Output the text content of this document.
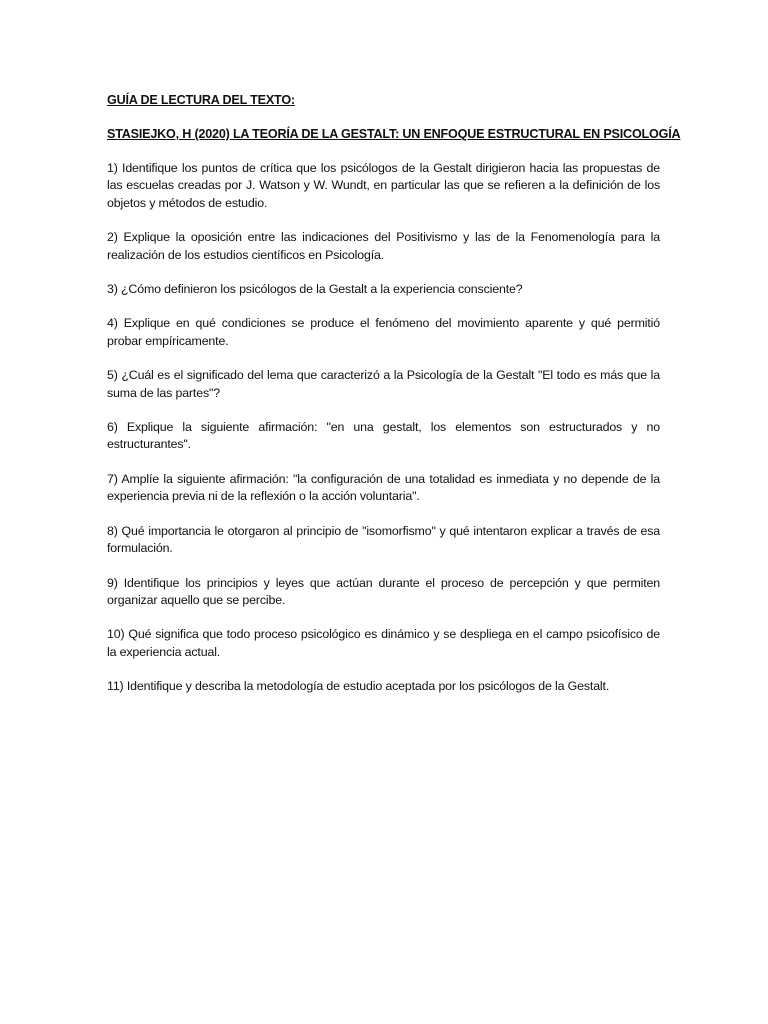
GUÍA DE LECTURA DEL TEXTO:

STASIEJKO, H (2020) LA TEORÍA DE LA GESTALT: UN ENFOQUE ESTRUCTURAL EN PSICOLOGÍA

1) Identifique los puntos de crítica que los psicólogos de la Gestalt dirigieron hacia las propuestas de las escuelas creadas por J. Watson y W. Wundt, en particular las que se refieren a la definición de los objetos y métodos de estudio.

2) Explique la oposición entre las indicaciones del Positivismo y las de la Fenomenología para la realización de los estudios científicos en Psicología.

3) ¿Cómo definieron los psicólogos de la Gestalt a la experiencia consciente?

4) Explique en qué condiciones se produce el fenómeno del movimiento aparente y qué permitió probar empíricamente.

5) ¿Cuál es el significado del lema que caracterizó a la Psicología de la Gestalt "El todo es más que la suma de las partes"?

6) Explique la siguiente afirmación: "en una gestalt, los elementos son estructurados y no estructurantes".

7) Amplíe la siguiente afirmación: "la configuración de una totalidad es inmediata y no depende de la experiencia previa ni de la reflexión o la acción voluntaria".

8) Qué importancia le otorgaron al principio de "isomorfismo" y qué intentaron explicar a través de esa formulación.

9) Identifique los principios y leyes que actúan durante el proceso de percepción y que permiten organizar aquello que se percibe.

10) Qué significa que todo proceso psicológico es dinámico y se despliega en el campo psicofísico de la experiencia actual.

11) Identifique y describa la metodología de estudio aceptada por los psicólogos de la Gestalt.
